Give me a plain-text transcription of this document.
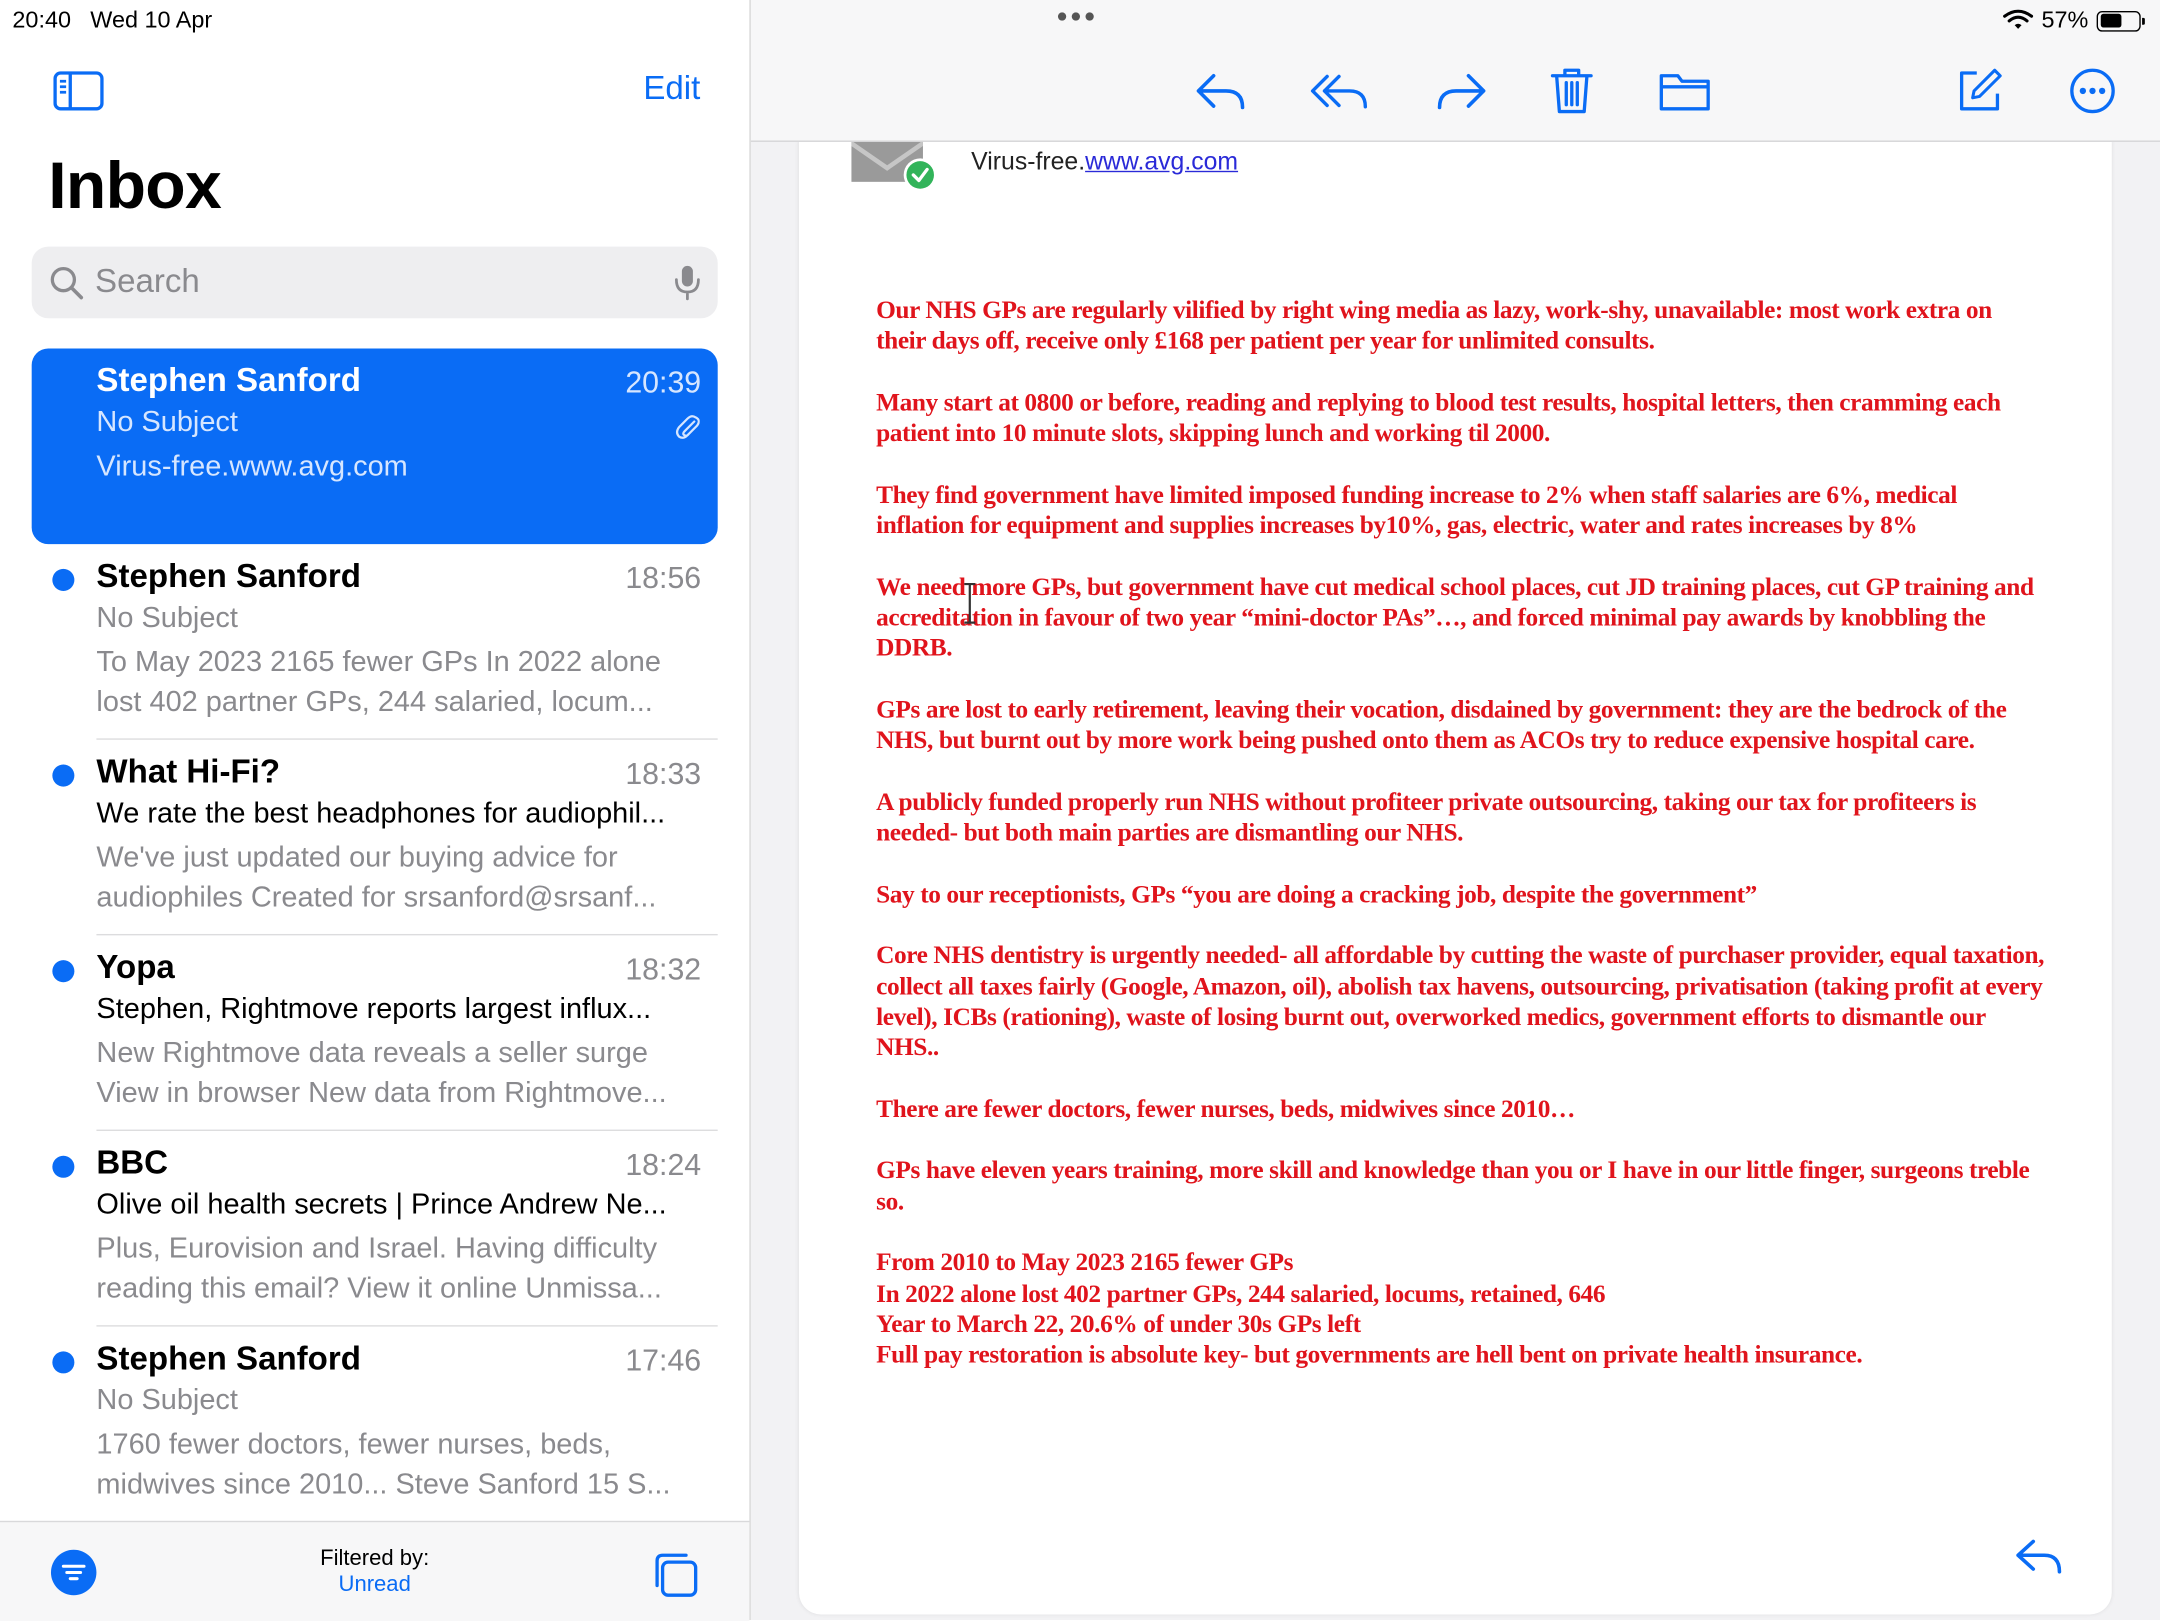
Virus-free.www.avg.com

Our NHS GPs are regularly vilified by right wing media as lazy, work-shy, unavailable: most work extra on their days off, receive only £168 per patient per year for unlimited consults.

Many start at 0800 or before, reading and replying to blood test results, hospital letters, then cramming each patient into 10 minute slots, skipping lunch and working til 2000.

They find government have limited imposed funding increase to 2% when staff salaries are 6%, medical inflation for equipment and supplies increases by10%, gas, electric, water and rates increases by 8%

We need more GPs, but government have cut medical school places, cut JD training places, cut GP training and accreditation in favour of two year “mini-doctor PAs”…, and forced minimal pay awards by knobbling the DDRB.

GPs are lost to early retirement, leaving their vocation, disdained by government: they are the bedrock of the NHS, but burnt out by more work being pushed onto them as ACOs try to reduce expensive hospital care.

A publicly funded properly run NHS without profiteer private outsourcing, taking our tax for profiteers is needed- but both main parties are dismantling our NHS.

Say to our receptionists, GPs “you are doing a cracking job, despite the government”

Core NHS dentistry is urgently needed- all affordable by cutting the waste of purchaser provider, equal taxation, collect all taxes fairly (Google, Amazon, oil), abolish tax havens, outsourcing, privatisation (taking profit at every level), ICBs (rationing), waste of losing burnt out, overworked medics, government efforts to dismantle our NHS..

There are fewer doctors, fewer nurses, beds, midwives since 2010…

GPs have eleven years training, more skill and knowledge than you or I have in our little finger, surgeons treble so.

From 2010 to May 2023 2165 fewer GPs

In 2022 alone lost 402 partner GPs, 244 salaried, locums, retained, 646

Year to March 22, 20.6% of under 30s GPs left

Full pay restoration is absolute key- but governments are hell bent on private health insurance.

Edit
Inbox
Search
Stephen Sanford	20:39
No Subject
Virus-free.www.avg.com
Stephen Sanford	18:56
No Subject
To May 2023 2165 fewer GPs In 2022 alone lost 402 partner GPs, 244 salaried, locum...
What Hi-Fi?	18:33
We rate the best headphones for audiophil...
We've just updated our buying advice for audiophiles Created for srsanford@srsanf...
Yopa	18:32
Stephen, Rightmove reports largest influx...
New Rightmove data reveals a seller surge View in browser New data from Rightmove...
BBC	18:24
Olive oil health secrets | Prince Andrew Ne...
Plus, Eurovision and Israel. Having difficulty reading this email? View it online Unmissa...
Stephen Sanford	17:46
No Subject
1760 fewer doctors, fewer nurses, beds, midwives since 2010... Steve Sanford 15 S...
Filtered by:
Unread
20:40 Wed 10 Apr	57%
